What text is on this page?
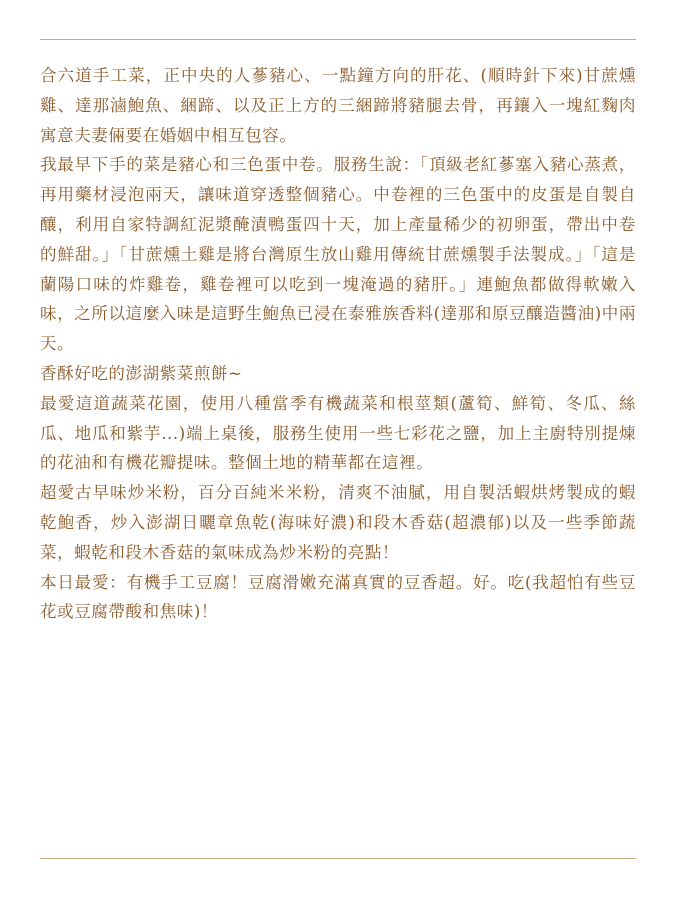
合六道手工菜，正中央的人蔘豬心、一點鐘方向的肝花、(順時針下來)甘蔗燻雞、達那滷鮑魚、綑蹄、以及正上方的三綑蹄將豬腿去骨，再鑲入一塊紅麴肉寓意夫妻倆要在婚姻中相互包容。

我最早下手的菜是豬心和三色蛋中卷。服務生說：「頂級老紅蔘塞入豬心蒸煮，再用藥材浸泡兩天，讓味道穿透整個豬心。中卷裡的三色蛋中的皮蛋是自製自釀，利用自家特調紅泥漿醃漬鴨蛋四十天，加上產量稀少的初卵蛋，帶出中卷的鮮甜。」「甘蔗燻土雞是將台灣原生放山雞用傳統甘蔗燻製手法製成。」「這是蘭陽口味的炸雞卷，雞卷裡可以吃到一塊淹過的豬肝。」連鮑魚都做得軟嫩入味，之所以這麼入味是這野生鮑魚已浸在泰雅族香料(達那和原豆釀造醬油)中兩天。

香酥好吃的澎湖紫菜煎餅~

最愛這道蔬菜花園，使用八種當季有機蔬菜和根莖類(蘆筍、鮮筍、冬瓜、絲瓜、地瓜和紫芋...)端上桌後，服務生使用一些七彩花之鹽，加上主廚特別提煉的花油和有機花瓣提味。整個土地的精華都在這裡。

超愛古早味炒米粉，百分百純米米粉，清爽不油膩，用自製活蝦烘烤製成的蝦乾鮑香，炒入澎湖日曬章魚乾(海味好濃)和段木香菇(超濃郁)以及一些季節蔬菜，蝦乾和段木香菇的氣味成為炒米粉的亮點！

本日最愛：有機手工豆腐！豆腐滑嫩充滿真實的豆香超。好。吃(我超怕有些豆花或豆腐帶酸和焦味)！
